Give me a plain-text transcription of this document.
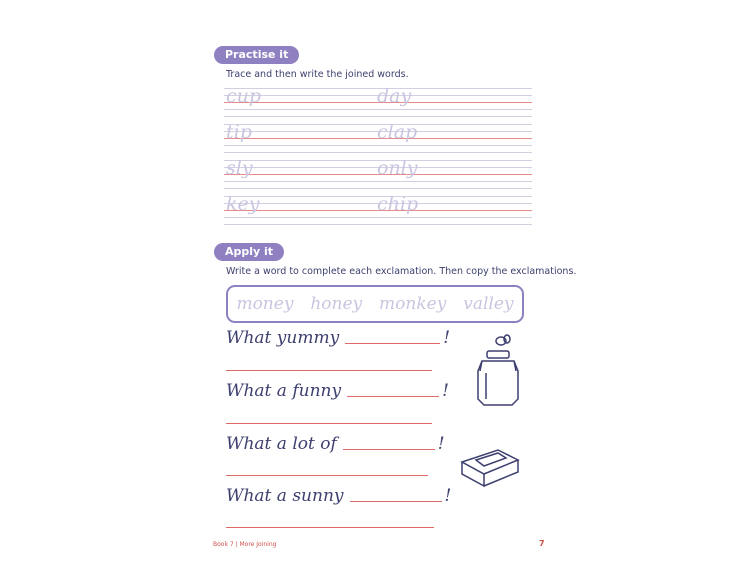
Practise it
Trace and then write the joined words.
cup	day
tip	clap
sly	only
key	chip
Apply it
Write a word to complete each exclamation. Then copy the exclamations.
money honey monkey valley
What yummy	!
What a funny	!
What a lot of	!
What a sunny	!
Book 7 | More Joining	7
